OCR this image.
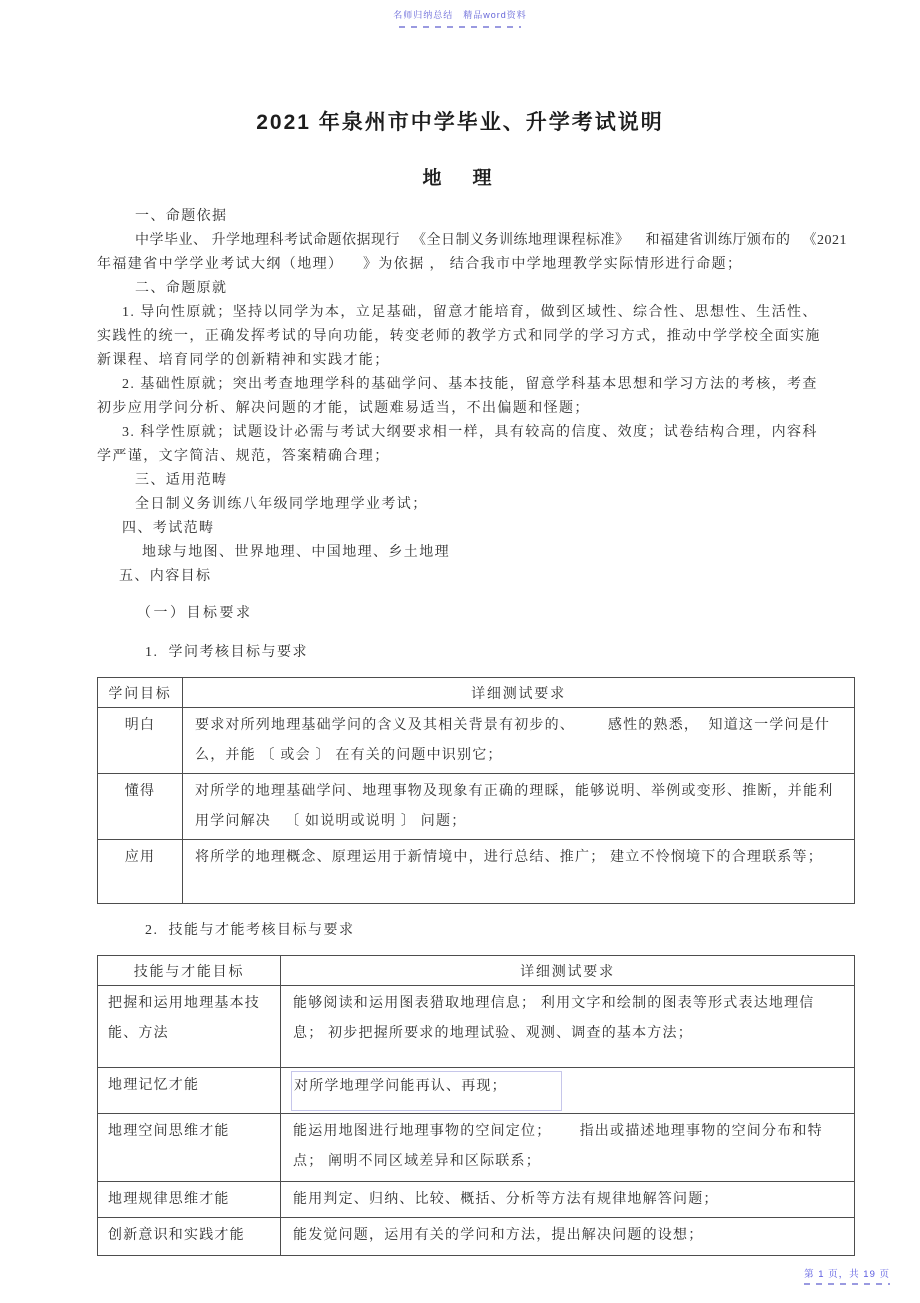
名师归纳总结　精品word资料
2021 年泉州市中学毕业、升学考试说明
地　理
一、命题依据
中学毕业、 升学地理科考试命题依据现行   《全日制义务训练地理课程标准》    和福建省训练厅颁布的   《2021
年福建省中学学业考试大纲（地理）    》为依据 ， 结合我市中学地理教学实际情形进行命题；
二、命题原就
1. 导向性原就；坚持以同学为本，立足基础，留意才能培育，做到区域性、综合性、思想性、生活性、
实践性的统一，正确发挥考试的导向功能，转变老师的教学方式和同学的学习方式，推动中学学校全面实施
新课程、培育同学的创新精神和实践才能；
2. 基础性原就；突出考查地理学科的基础学问、基本技能，留意学科基本思想和学习方法的考核，考查
初步应用学问分析、解决问题的才能，试题难易适当，不出偏题和怪题；
3. 科学性原就；试题设计必需与考试大纲要求相一样，具有较高的信度、效度；试卷结构合理，内容科
学严谨，文字简洁、规范，答案精确合理；
三、适用范畴
全日制义务训练八年级同学地理学业考试；
四、考试范畴
地球与地图、世界地理、中国地理、乡土地理
五、内容目标
（一）目标要求
1.  学问考核目标与要求
学问目标	详细测试要求
明白	要求对所列地理基础学问的含义及其相关背景有初步的、       感性的熟悉，  知道这一学问是什么，并能 〔 或会 〕 在有关的问题中识别它；
懂得	对所学的地理基础学问、地理事物及现象有正确的理睬，能够说明、举例或变形、推断，并能利用学问解决   〔 如说明或说明 〕 问题；
应用	将所学的地理概念、原理运用于新情境中，进行总结、推广； 建立不怜悯境下的合理联系等；
2.  技能与才能考核目标与要求
技能与才能目标	详细测试要求
把握和运用地理基本技能、方法	能够阅读和运用图表猎取地理信息； 利用文字和绘制的图表等形式表达地理信 息； 初步把握所要求的地理试验、观测、调查的基本方法；
地理记忆才能	对所学地理学问能再认、再现；
地理空间思维才能	能运用地图进行地理事物的空间定位；      指出或描述地理事物的空间分布和特点； 阐明不同区域差异和区际联系；
地理规律思维才能	能用判定、归纳、比较、概括、分析等方法有规律地解答问题；
创新意识和实践才能	能发觉问题，运用有关的学问和方法，提出解决问题的设想；
第 1 页，共 19 页
